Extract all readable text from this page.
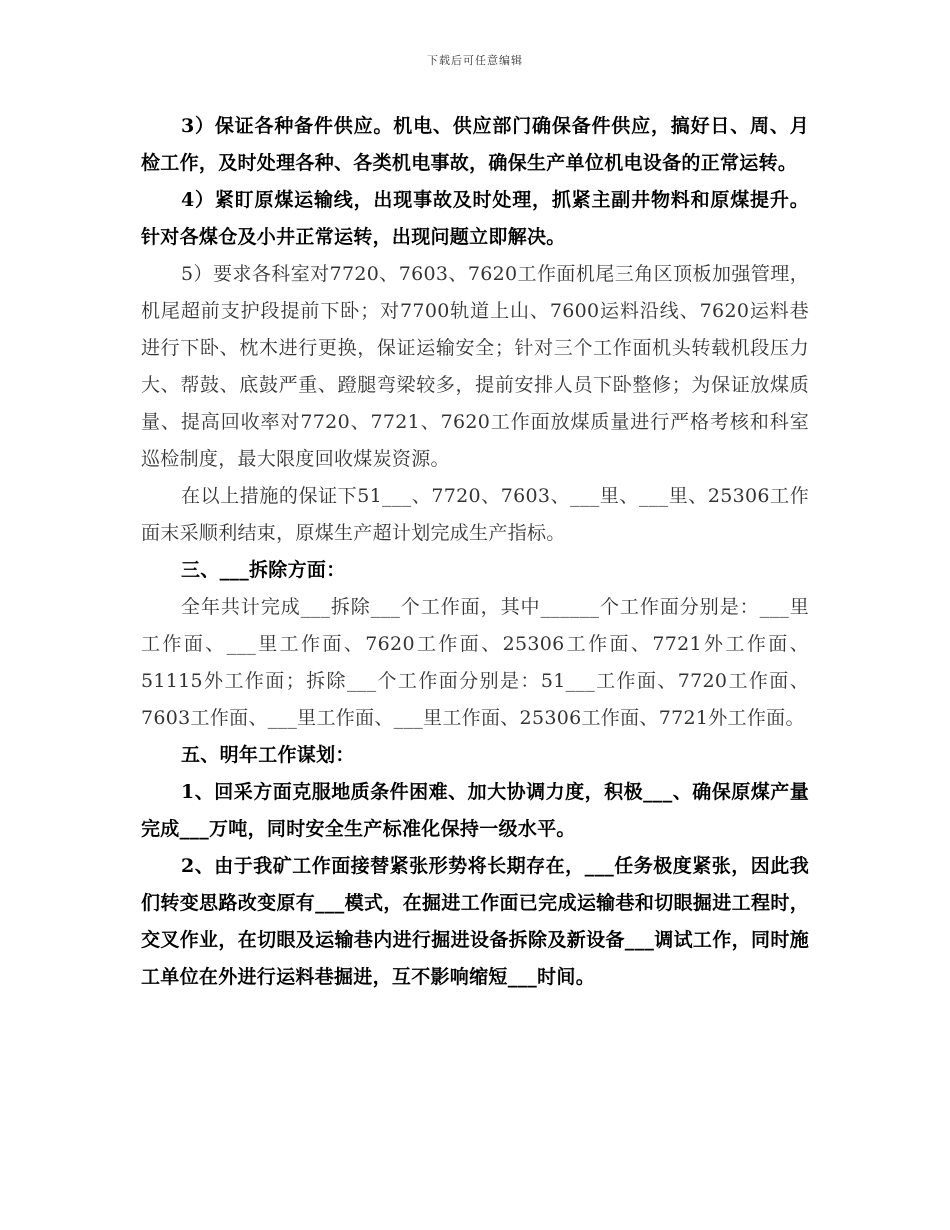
下载后可任意编辑

3）保证各种备件供应。机电、供应部门确保备件供应，搞好日、周、月检工作，及时处理各种、各类机电事故，确保生产单位机电设备的正常运转。

4）紧盯原煤运输线，出现事故及时处理，抓紧主副井物料和原煤提升。针对各煤仓及小井正常运转，出现问题立即解决。

5）要求各科室对7720、7603、7620工作面机尾三角区顶板加强管理，机尾超前支护段提前下卧；对7700轨道上山、7600运料沿线、7620运料巷进行下卧、枕木进行更换，保证运输安全；针对三个工作面机头转载机段压力大、帮鼓、底鼓严重、蹬腿弯梁较多，提前安排人员下卧整修；为保证放煤质量、提高回收率对7720、7721、7620工作面放煤质量进行严格考核和科室巡检制度，最大限度回收煤炭资源。

在以上措施的保证下51___、7720、7603、___里、___里、25306工作面末采顺利结束，原煤生产超计划完成生产指标。

三、___拆除方面：

全年共计完成___拆除___个工作面，其中______个工作面分别是：___里工作面、___里工作面、7620工作面、25306工作面、7721外工作面、51115外工作面；拆除___个工作面分别是：51___工作面、7720工作面、7603工作面、___里工作面、___里工作面、25306工作面、7721外工作面。

五、明年工作谋划：

1、回采方面克服地质条件困难、加大协调力度，积极___、确保原煤产量完成___万吨，同时安全生产标准化保持一级水平。

2、由于我矿工作面接替紧张形势将长期存在，___任务极度紧张，因此我们转变思路改变原有___模式，在掘进工作面已完成运输巷和切眼掘进工程时，交叉作业，在切眼及运输巷内进行掘进设备拆除及新设备___调试工作，同时施工单位在外进行运料巷掘进，互不影响缩短___时间。
